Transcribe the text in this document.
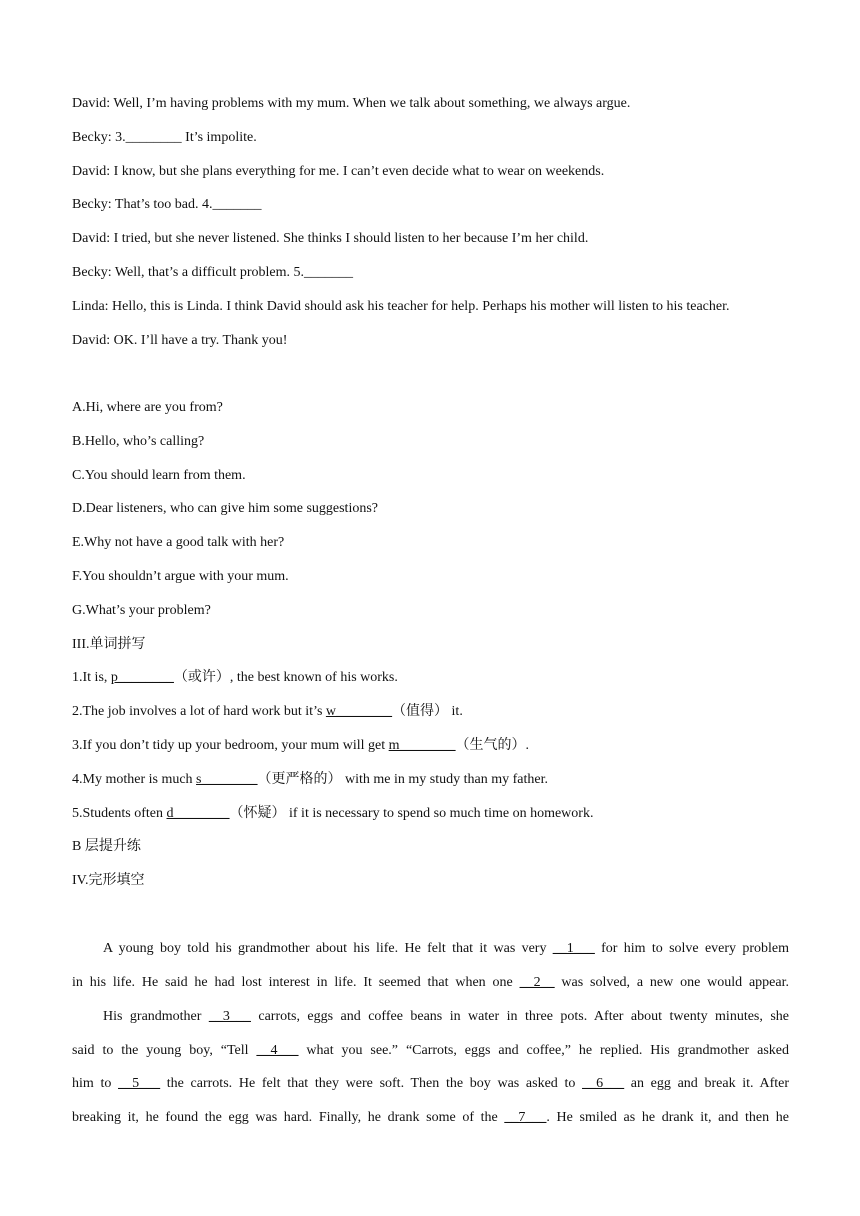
David: Well, I’m having problems with my mum. When we talk about something, we always argue.
Becky: 3.________ It’s impolite.
David: I know, but she plans everything for me. I can’t even decide what to wear on weekends.
Becky: That’s too bad. 4._______
David: I tried, but she never listened. She thinks I should listen to her because I’m her child.
Becky: Well, that’s a difficult problem. 5._______
Linda: Hello, this is Linda. I think David should ask his teacher for help. Perhaps his mother will listen to his teacher.
David: OK. I’ll have a try. Thank you!
A.Hi, where are you from?
B.Hello, who’s calling?
C.You should learn from them.
D.Dear listeners, who can give him some suggestions?
E.Why not have a good talk with her?
F.You shouldn’t argue with your mum.
G.What’s your problem?
III.单词拼写
1.It is, p________（或许）, the best known of his works.
2.The job involves a lot of hard work but it’s w________（值得） it.
3.If you don’t tidy up your bedroom, your mum will get m________（生气的）.
4.My mother is much s________（更严格的） with me in my study than my father.
5.Students often d________（怀疑） if it is necessary to spend so much time on homework.
B 层提升练
IV.完形填空
A young boy told his grandmother about his life. He felt that it was very __1___ for him to solve every problem
in his life. He said he had lost interest in life. It seemed that when one __2__ was solved, a new one would appear.
His grandmother __3___ carrots, eggs and coffee beans in water in three pots. After about twenty minutes, she
said to the young boy, “Tell __4___ what you see.” “Carrots, eggs and coffee,” he replied. His grandmother asked
him to __5___ the carrots. He felt that they were soft. Then the boy was asked to __6___ an egg and break it. After
breaking it, he found the egg was hard. Finally, he drank some of the __7___. He smiled as he drank it, and then he
